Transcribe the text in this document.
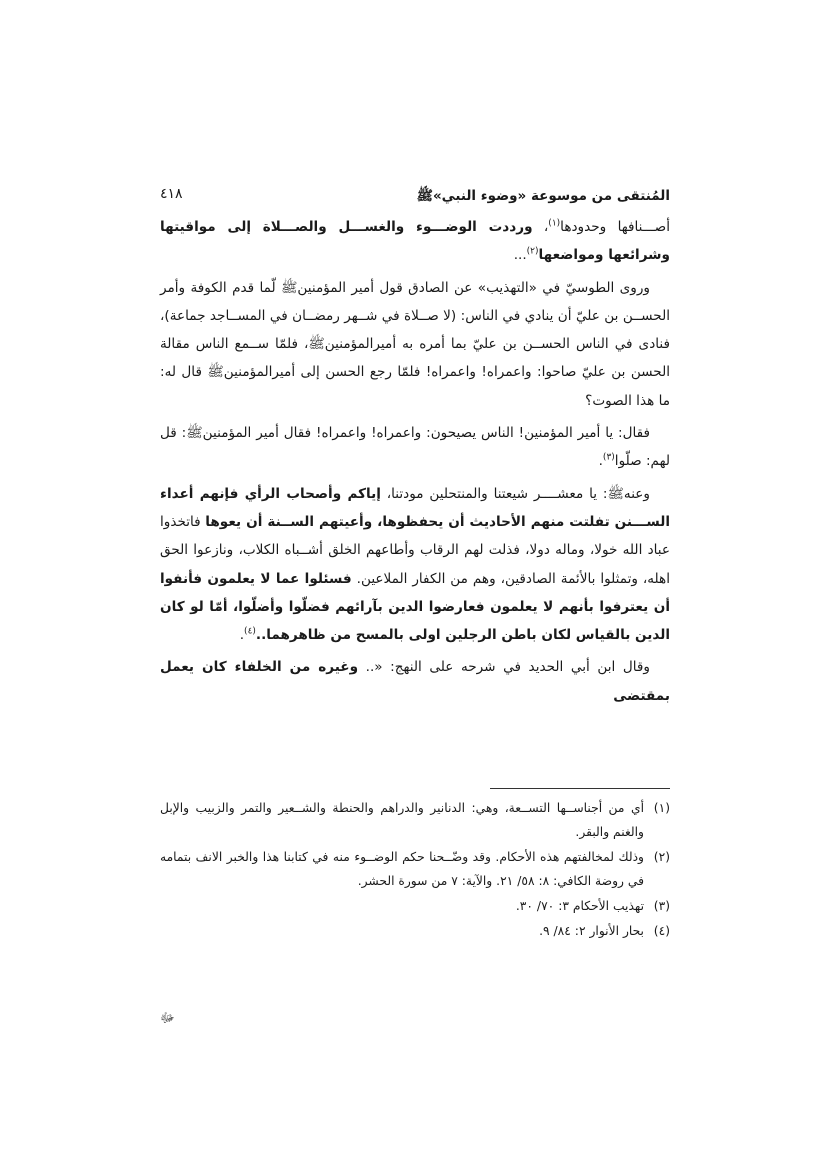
المُنتقى من موسوعة «وضوء النبي»ﷺ
٤١٨

أصـــنافها وحدودها$^{(١)}$، ورددت الوضـــوء والغســـل والصـــلاة إلى مواقيتها وشرائعها ومواضعها$^{(٢)}$...

وروى الطوسيّ في «التهذيب» عن الصادق قول أمير المؤمنينﷺ لّما قدم الكوفة وأمر الحســن بن عليّ أن ينادي في الناس: (لا صــلاة في شــهر رمضــان في المســاجد جماعة)، فنادى في الناس الحســن بن عليّ بما أمره به أميرالمؤمنينﷺ، فلمّا ســمع الناس مقالة الحسن بن عليّ صاحوا: واعمراه! واعمراه! فلمّا رجع الحسن إلى أميرالمؤمنينﷺ قال له: ما هذا الصوت؟

فقال: يا أمير المؤمنين! الناس يصيحون: واعمراه! واعمراه! فقال أمير المؤمنينﷺ: قل لهم: صلّوا$^{(٣)}$.

وعنهﷺ: يا معشــــر شيعتنا والمنتحلين مودتنا، إياكم وأصحاب الرأي فإنهم أعداء الســـنن تفلتت منهم الأحاديث أن يحفظوها، وأعيتهم الســنة أن يعوها فاتخذوا عباد الله خولا، وماله دولا، فذلت لهم الرقاب وأطاعهم الخلق أشــباه الكلاب، ونازعوا الحق اهله، وتمثلوا بالأئمة الصادقين، وهم من الكفار الملاعين. فسئلوا عما لا يعلمون فأنفوا أن يعترفوا بأنهم لا يعلمون فعارضوا الدين بآرائهم فضلّوا وأضلّوا، أمّا لو كان الدين بالقياس لكان باطن الرجلين اولى بالمسح من ظاهرهما..$^{(٤)}$.

وقال ابن أبي الحديد في شرحه على النهج: «.. وغيره من الخلفاء كان يعمل بمقتضى

(١)أي من أجناســها التســعة، وهي: الدنانير والدراهم والحنطة والشــعير والتمر والزبيب والإبل والغنم والبقر.

(٢)وذلك لمخالفتهم هذه الأحكام. وقد وضّــحنا حكم الوضــوء منه في كتابنا هذا والخبر الانف بتمامه في روضة الكافي: ٨: ٥٨/ ٢١. والآية: ٧ من سورة الحشر.

(٣)تهذيب الأحكام ٣: ٧٠/ ٣٠.

(٤)بحار الأنوار ٢: ٨٤/ ٩.

ﷻ
